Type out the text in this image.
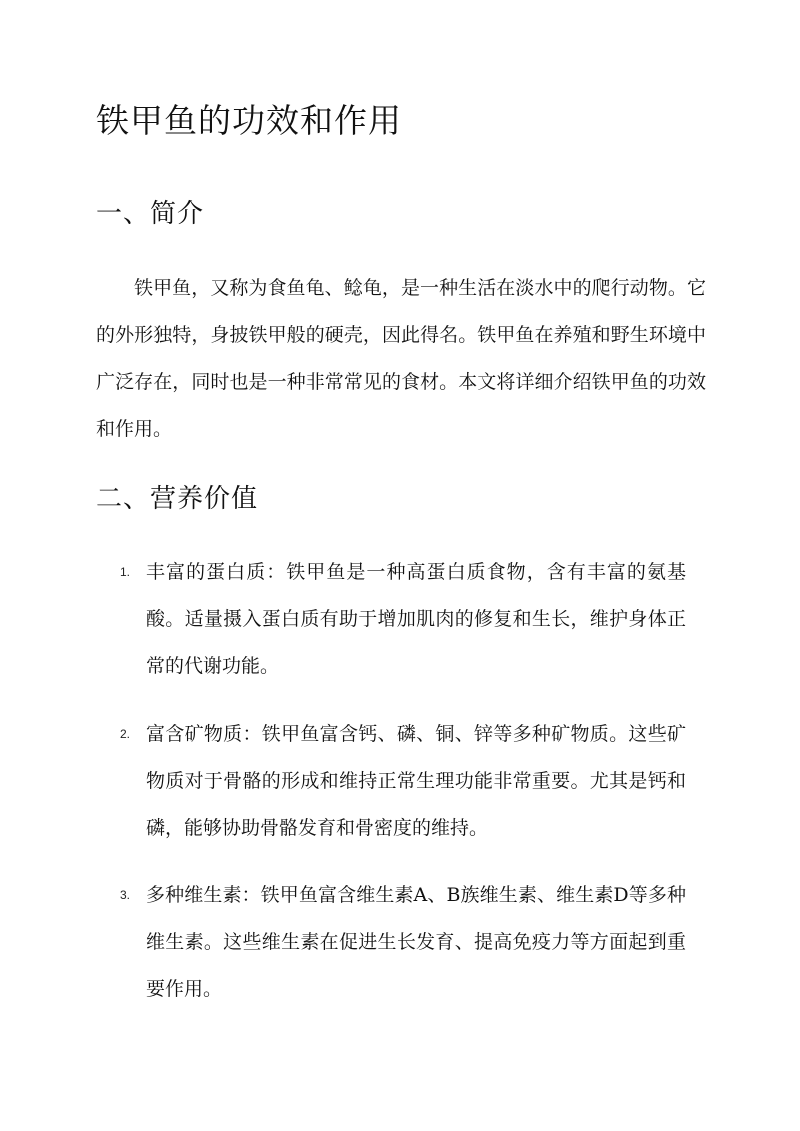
铁甲鱼的功效和作用
一、简介

铁甲鱼，又称为食鱼龟、鲶龟，是一种生活在淡水中的爬行动物。它的外形独特，身披铁甲般的硬壳，因此得名。铁甲鱼在养殖和野生环境中广泛存在，同时也是一种非常常见的食材。本文将详细介绍铁甲鱼的功效和作用。

二、营养价值
1. 丰富的蛋白质：铁甲鱼是一种高蛋白质食物，含有丰富的氨基酸。适量摄入蛋白质有助于增加肌肉的修复和生长，维护身体正常的代谢功能。

2. 富含矿物质：铁甲鱼富含钙、磷、铜、锌等多种矿物质。这些矿物质对于骨骼的形成和维持正常生理功能非常重要。尤其是钙和磷，能够协助骨骼发育和骨密度的维持。

3. 多种维生素：铁甲鱼富含维生素A、B族维生素、维生素D等多种维生素。这些维生素在促进生长发育、提高免疫力等方面起到重要作用。
